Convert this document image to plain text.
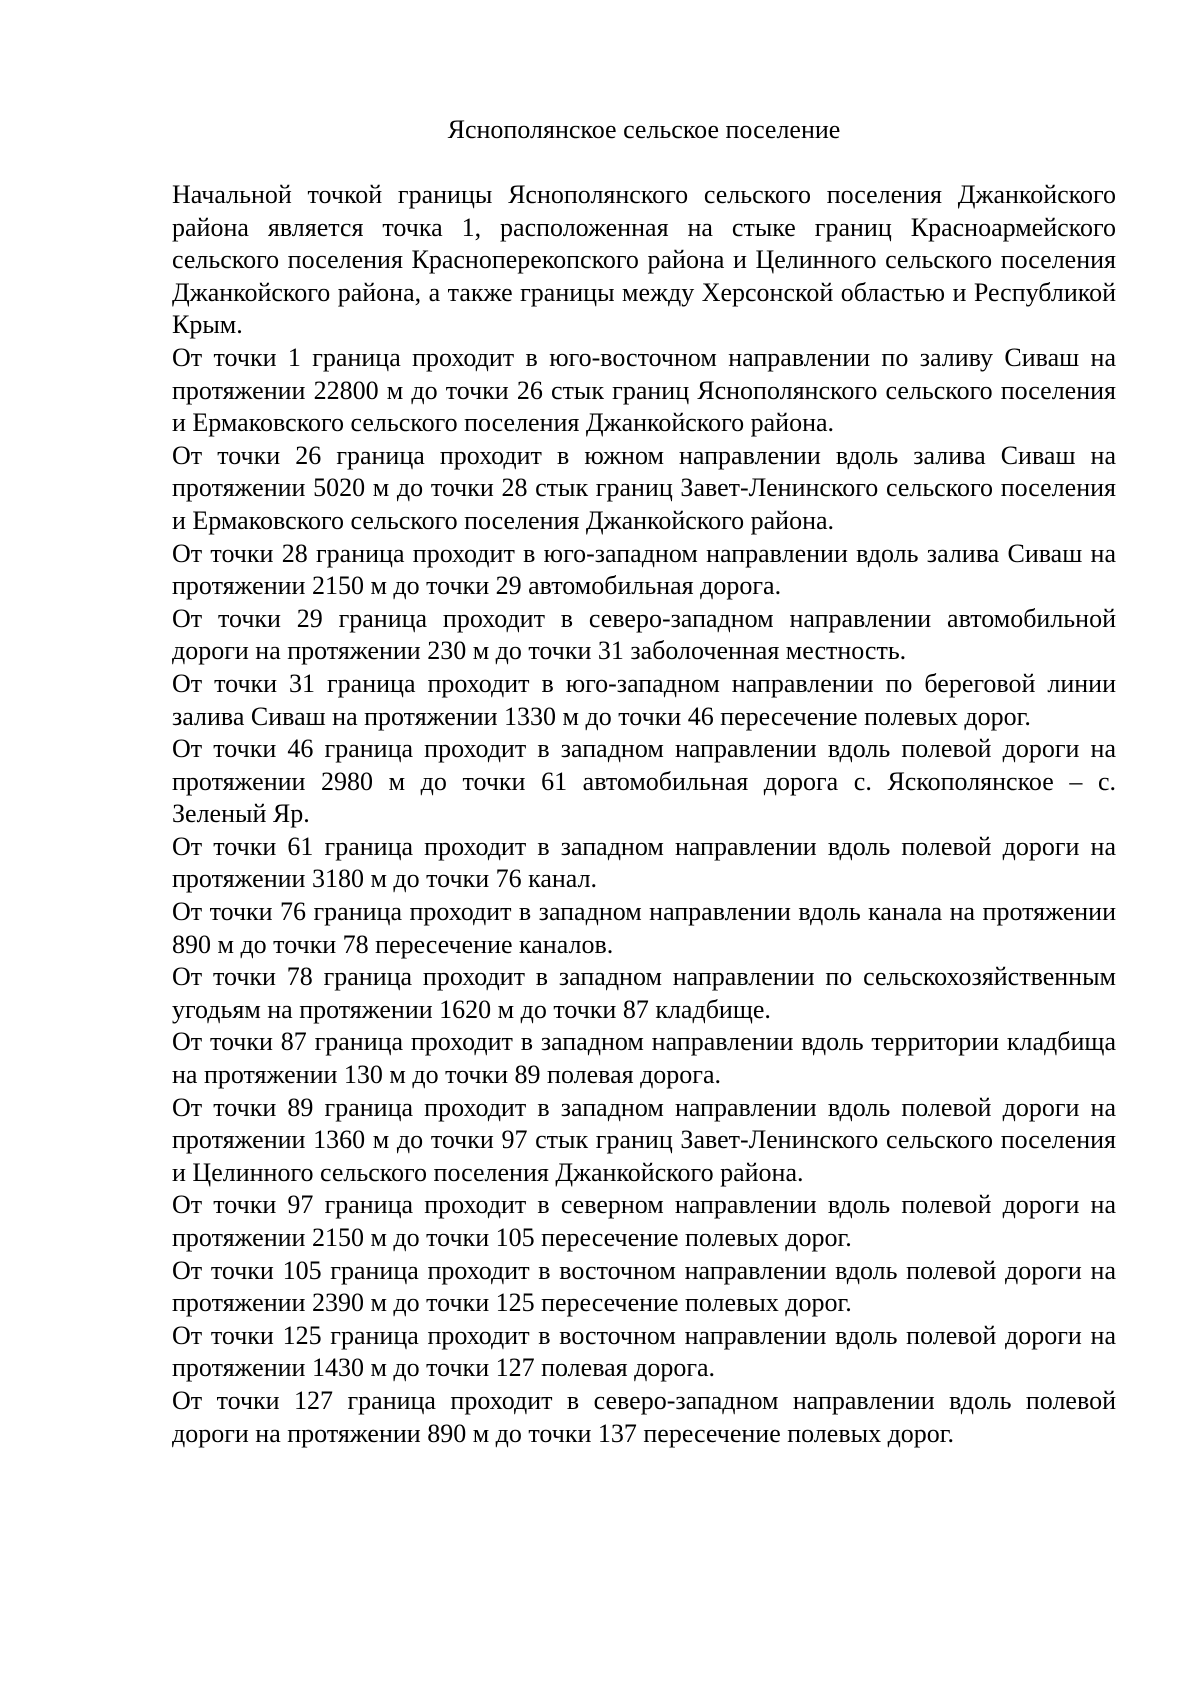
Яснополянское сельское поселение

Начальной точкой границы Яснополянского сельского поселения Джанкойского района является точка 1, расположенная на стыке границ Красноармейского сельского поселения Красноперекопского района и Целинного сельского поселения Джанкойского района, а также границы между Херсонской областью и Республикой Крым.

От точки 1 граница проходит в юго-восточном направлении по заливу Сиваш на протяжении 22800 м до точки 26 стык границ Яснополянского сельского поселения и Ермаковского сельского поселения Джанкойского района.

От точки 26 граница проходит в южном направлении вдоль залива Сиваш на протяжении 5020 м до точки 28 стык границ Завет-Ленинского сельского поселения и Ермаковского сельского поселения Джанкойского района.

От точки 28 граница проходит в юго-западном направлении вдоль залива Сиваш на протяжении 2150 м до точки 29 автомобильная дорога.

От точки 29 граница проходит в северо-западном направлении автомобильной дороги на протяжении 230 м до точки 31 заболоченная местность.

От точки 31 граница проходит в юго-западном направлении по береговой линии залива Сиваш на протяжении 1330 м до точки 46 пересечение полевых дорог.

От точки 46 граница проходит в западном направлении вдоль полевой дороги на протяжении 2980 м до точки 61 автомобильная дорога с. Яскополянское – с. Зеленый Яр.

От точки 61 граница проходит в западном направлении вдоль полевой дороги на протяжении 3180 м до точки 76 канал.

От точки 76 граница проходит в западном направлении вдоль канала на протяжении 890 м до точки 78 пересечение каналов.

От точки 78 граница проходит в западном направлении по сельскохозяйственным угодьям на протяжении 1620 м до точки 87 кладбище.

От точки 87 граница проходит в западном направлении вдоль территории кладбища на протяжении 130 м до точки 89 полевая дорога.

От точки 89 граница проходит в западном направлении вдоль полевой дороги на протяжении 1360 м до точки 97 стык границ Завет-Ленинского сельского поселения и Целинного сельского поселения Джанкойского района.

От точки 97 граница проходит в северном направлении вдоль полевой дороги на протяжении 2150 м до точки 105 пересечение полевых дорог.

От точки 105 граница проходит в восточном направлении вдоль полевой дороги на протяжении 2390 м до точки 125 пересечение полевых дорог.

От точки 125 граница проходит в восточном направлении вдоль полевой дороги на протяжении 1430 м до точки 127 полевая дорога.

От точки 127 граница проходит в северо-западном направлении вдоль полевой дороги на протяжении 890 м до точки 137 пересечение полевых дорог.
